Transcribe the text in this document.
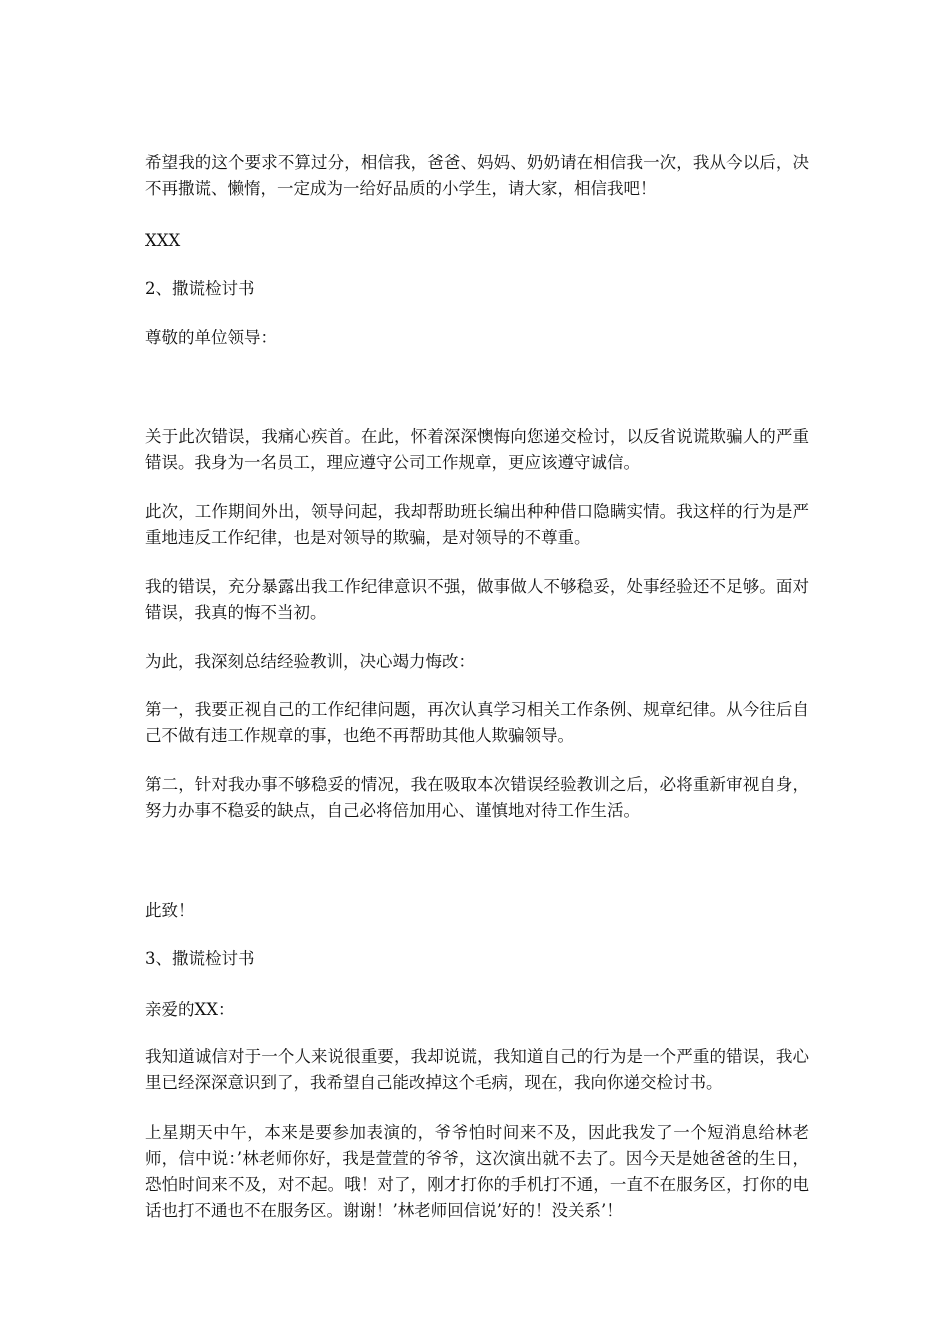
希望我的这个要求不算过分，相信我，爸爸、妈妈、奶奶请在相信我一次，我从今以后，决不再撒谎、懒惰，一定成为一给好品质的小学生，请大家，相信我吧！

XXX

2、撒谎检讨书

尊敬的单位领导：

关于此次错误，我痛心疾首。在此，怀着深深懊悔向您递交检讨，以反省说谎欺骗人的严重错误。我身为一名员工，理应遵守公司工作规章，更应该遵守诚信。

此次，工作期间外出，领导问起，我却帮助班长编出种种借口隐瞒实情。我这样的行为是严重地违反工作纪律，也是对领导的欺骗，是对领导的不尊重。

我的错误，充分暴露出我工作纪律意识不强，做事做人不够稳妥，处事经验还不足够。面对错误，我真的悔不当初。

为此，我深刻总结经验教训，决心竭力悔改：

第一，我要正视自己的工作纪律问题，再次认真学习相关工作条例、规章纪律。从今往后自己不做有违工作规章的事，也绝不再帮助其他人欺骗领导。

第二，针对我办事不够稳妥的情况，我在吸取本次错误经验教训之后，必将重新审视自身，努力办事不稳妥的缺点，自己必将倍加用心、谨慎地对待工作生活。

此致！

3、撒谎检讨书

亲爱的XX：

我知道诚信对于一个人来说很重要，我却说谎，我知道自己的行为是一个严重的错误，我心里已经深深意识到了，我希望自己能改掉这个毛病，现在，我向你递交检讨书。

上星期天中午，本来是要参加表演的，爷爷怕时间来不及，因此我发了一个短消息给林老师，信中说：’林老师你好，我是萱萱的爷爷，这次演出就不去了。因今天是她爸爸的生日，恐怕时间来不及，对不起。哦！对了，刚才打你的手机打不通，一直不在服务区，打你的电话也打不通也不在服务区。谢谢！’林老师回信说’好的！没关系’！
